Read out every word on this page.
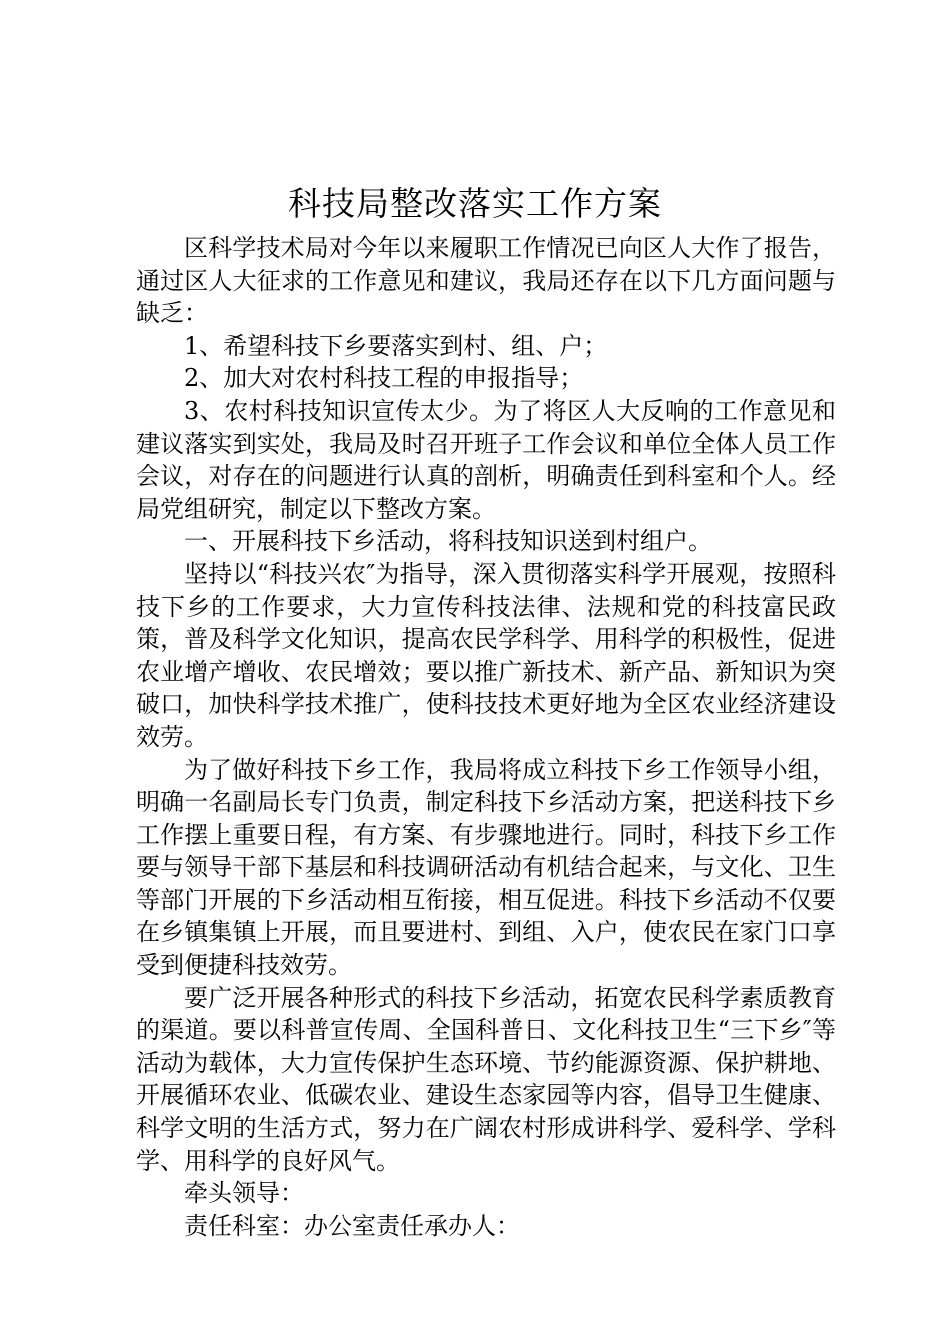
科技局整改落实工作方案

区科学技术局对今年以来履职工作情况已向区人大作了报告，通过区人大征求的工作意见和建议，我局还存在以下几方面问题与缺乏：

1、希望科技下乡要落实到村、组、户；

2、加大对农村科技工程的申报指导；

3、农村科技知识宣传太少。为了将区人大反响的工作意见和建议落实到实处，我局及时召开班子工作会议和单位全体人员工作会议，对存在的问题进行认真的剖析，明确责任到科室和个人。经局党组研究，制定以下整改方案。

一、开展科技下乡活动，将科技知识送到村组户。

坚持以“科技兴农″为指导，深入贯彻落实科学开展观，按照科技下乡的工作要求，大力宣传科技法律、法规和党的科技富民政策，普及科学文化知识，提高农民学科学、用科学的积极性，促进农业增产增收、农民增效；要以推广新技术、新产品、新知识为突破口，加快科学技术推广，使科技技术更好地为全区农业经济建设效劳。

为了做好科技下乡工作，我局将成立科技下乡工作领导小组，明确一名副局长专门负责，制定科技下乡活动方案，把送科技下乡工作摆上重要日程，有方案、有步骤地进行。同时，科技下乡工作要与领导干部下基层和科技调研活动有机结合起来，与文化、卫生等部门开展的下乡活动相互衔接，相互促进。科技下乡活动不仅要在乡镇集镇上开展，而且要进村、到组、入户，使农民在家门口享受到便捷科技效劳。

要广泛开展各种形式的科技下乡活动，拓宽农民科学素质教育的渠道。要以科普宣传周、全国科普日、文化科技卫生“三下乡″等活动为载体，大力宣传保护生态环境、节约能源资源、保护耕地、开展循环农业、低碳农业、建设生态家园等内容，倡导卫生健康、科学文明的生活方式，努力在广阔农村形成讲科学、爱科学、学科学、用科学的良好风气。

牵头领导：

责任科室：办公室责任承办人：
